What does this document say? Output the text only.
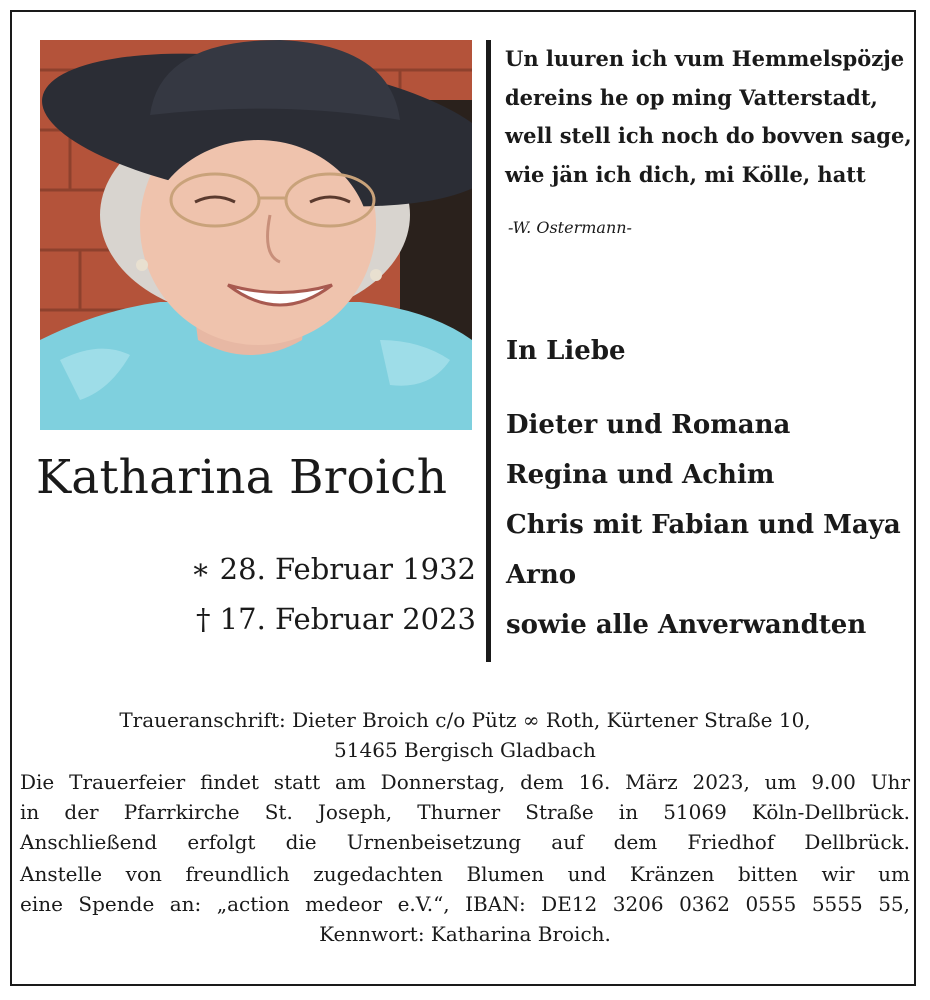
Katharina Broich
∗ 28. Februar 1932
† 17. Februar 2023
Un luuren ich vum Hemmelspözje
dereins he op ming Vatterstadt,
well stell ich noch do bovven sage,
wie jän ich dich, mi Kölle, hatt
-W. Ostermann-
In Liebe
Dieter und Romana
Regina und Achim
Chris mit Fabian und Maya
Arno
sowie alle Anverwandten
Traueranschrift: Dieter Broich c/o Pütz ∞ Roth, Kürtener Straße 10,
51465 Bergisch Gladbach
Die Trauerfeier findet statt am Donnerstag, dem 16. März 2023, um 9.00 Uhr
in der Pfarrkirche St. Joseph, Thurner Straße in 51069 Köln-Dellbrück.
Anschließend erfolgt die Urnenbeisetzung auf dem Friedhof Dellbrück.
Anstelle von freundlich zugedachten Blumen und Kränzen bitten wir um
eine Spende an: „action medeor e.V.“, IBAN: DE12 3206 0362 0555 5555 55,
Kennwort: Katharina Broich.
